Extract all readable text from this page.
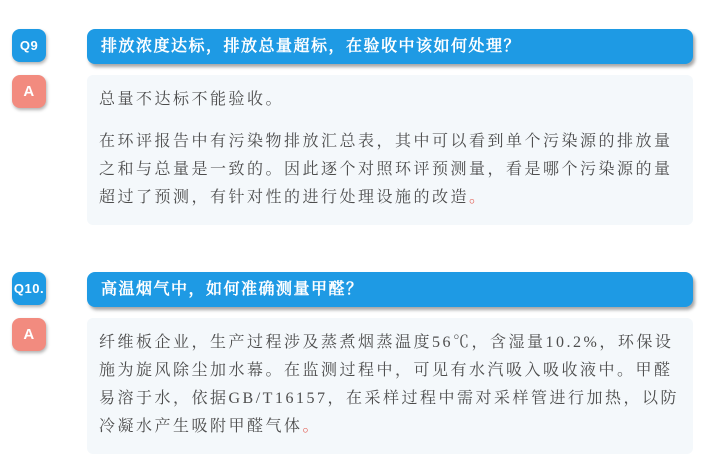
Q9	排放浓度达标，排放总量超标，在验收中该如何处理？
A	总量不达标不能验收。

在环评报告中有污染物排放汇总表，其中可以看到单个污染源的排放量之和与总量是一致的。因此逐个对照环评预测量，看是哪个污染源的量超过了预测，有针对性的进行处理设施的改造。

Q10.	高温烟气中，如何准确测量甲醛？
A	纤维板企业，生产过程涉及蒸煮烟蒸温度56℃，含湿量10.2%，环保设施为旋风除尘加水幕。在监测过程中，可见有水汽吸入吸收液中。甲醛易溶于水，依据GB/T16157，在采样过程中需对采样管进行加热，以防冷凝水产生吸附甲醛气体。
